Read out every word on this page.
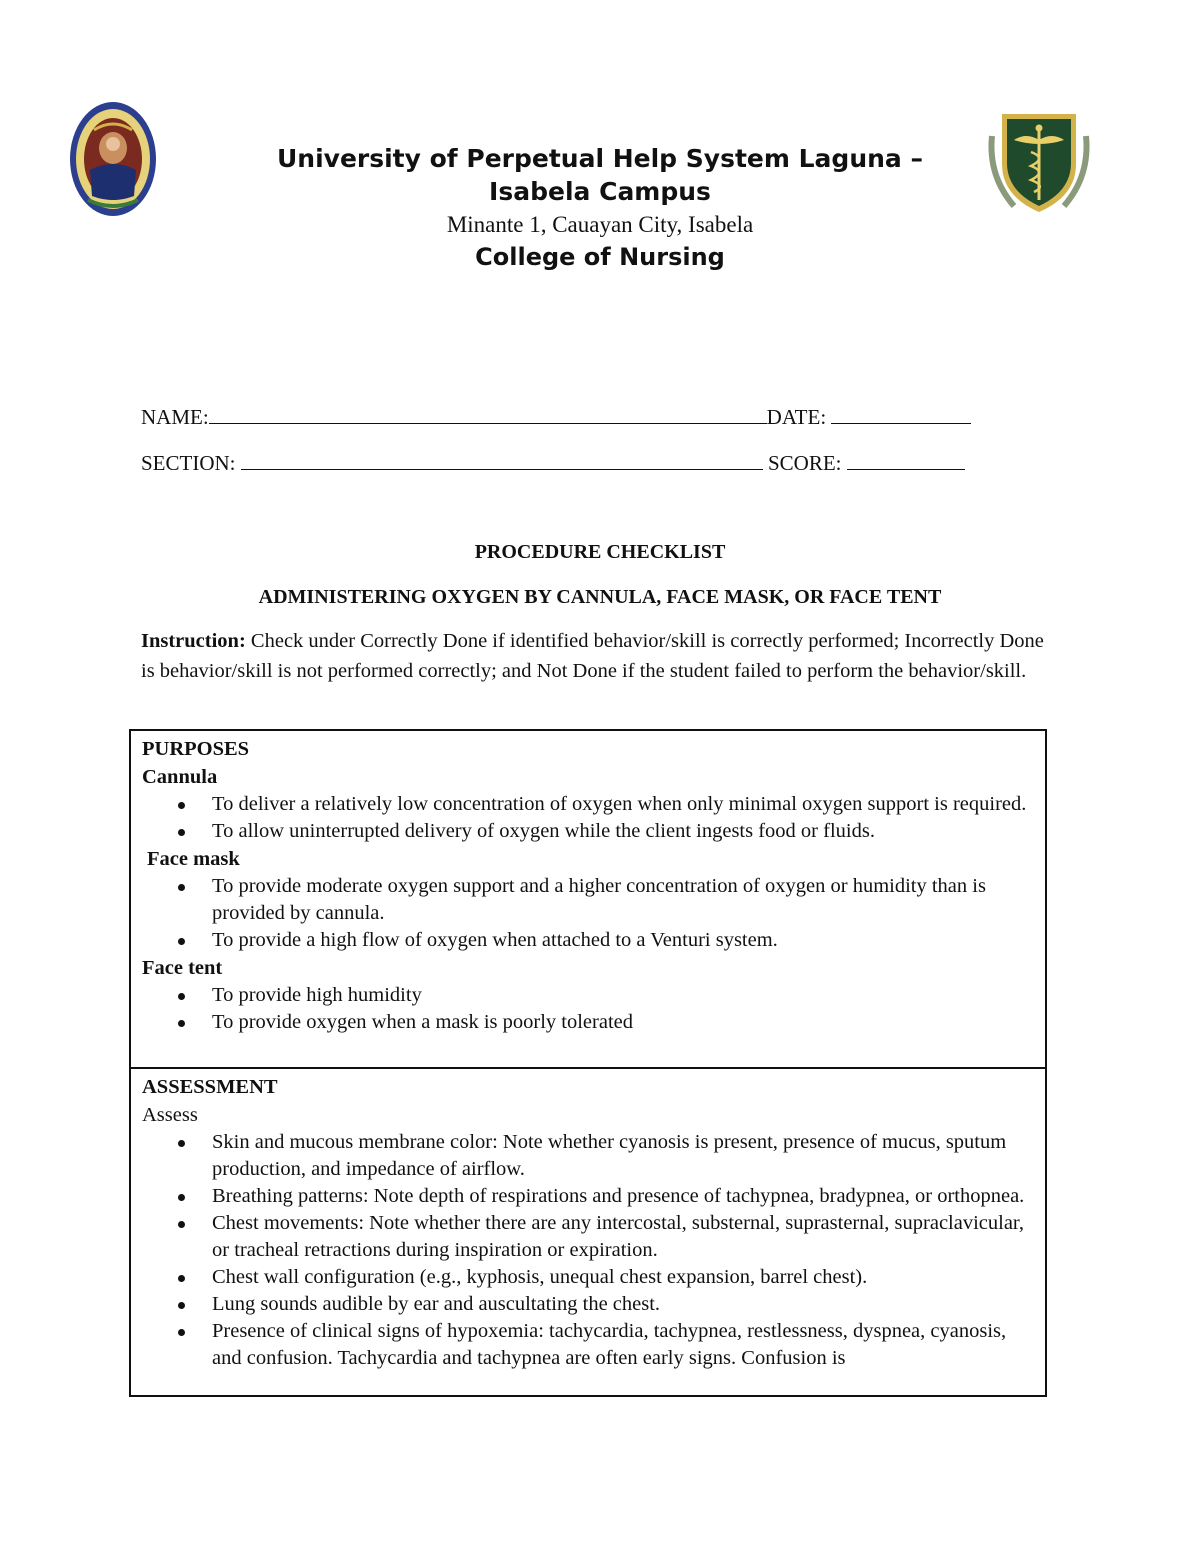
University of Perpetual Help System Laguna –
Isabela Campus
Minante 1, Cauayan City, Isabela
College of Nursing
NAME:	DATE:
SECTION:	SCORE:
PROCEDURE CHECKLIST
ADMINISTERING OXYGEN BY CANNULA, FACE MASK, OR FACE TENT
Instruction: Check under Correctly Done if identified behavior/skill is correctly performed; Incorrectly Done is behavior/skill is not performed correctly; and Not Done if the student failed to perform the behavior/skill.
PURPOSES
Cannula
To deliver a relatively low concentration of oxygen when only minimal oxygen support is required.
To allow uninterrupted delivery of oxygen while the client ingests food or fluids.
Face mask
To provide moderate oxygen support and a higher concentration of oxygen or humidity than is provided by cannula.
To provide a high flow of oxygen when attached to a Venturi system.
Face tent
To provide high humidity
To provide oxygen when a mask is poorly tolerated

ASSESSMENT
Assess
Skin and mucous membrane color: Note whether cyanosis is present, presence of mucus, sputum production, and impedance of airflow.
Breathing patterns: Note depth of respirations and presence of tachypnea, bradypnea, or orthopnea.
Chest movements: Note whether there are any intercostal, substernal, suprasternal, supraclavicular, or tracheal retractions during inspiration or expiration.
Chest wall configuration (e.g., kyphosis, unequal chest expansion, barrel chest).
Lung sounds audible by ear and auscultating the chest.
Presence of clinical signs of hypoxemia: tachycardia, tachypnea, restlessness, dyspnea, cyanosis, and confusion. Tachycardia and tachypnea are often early signs. Confusion is
